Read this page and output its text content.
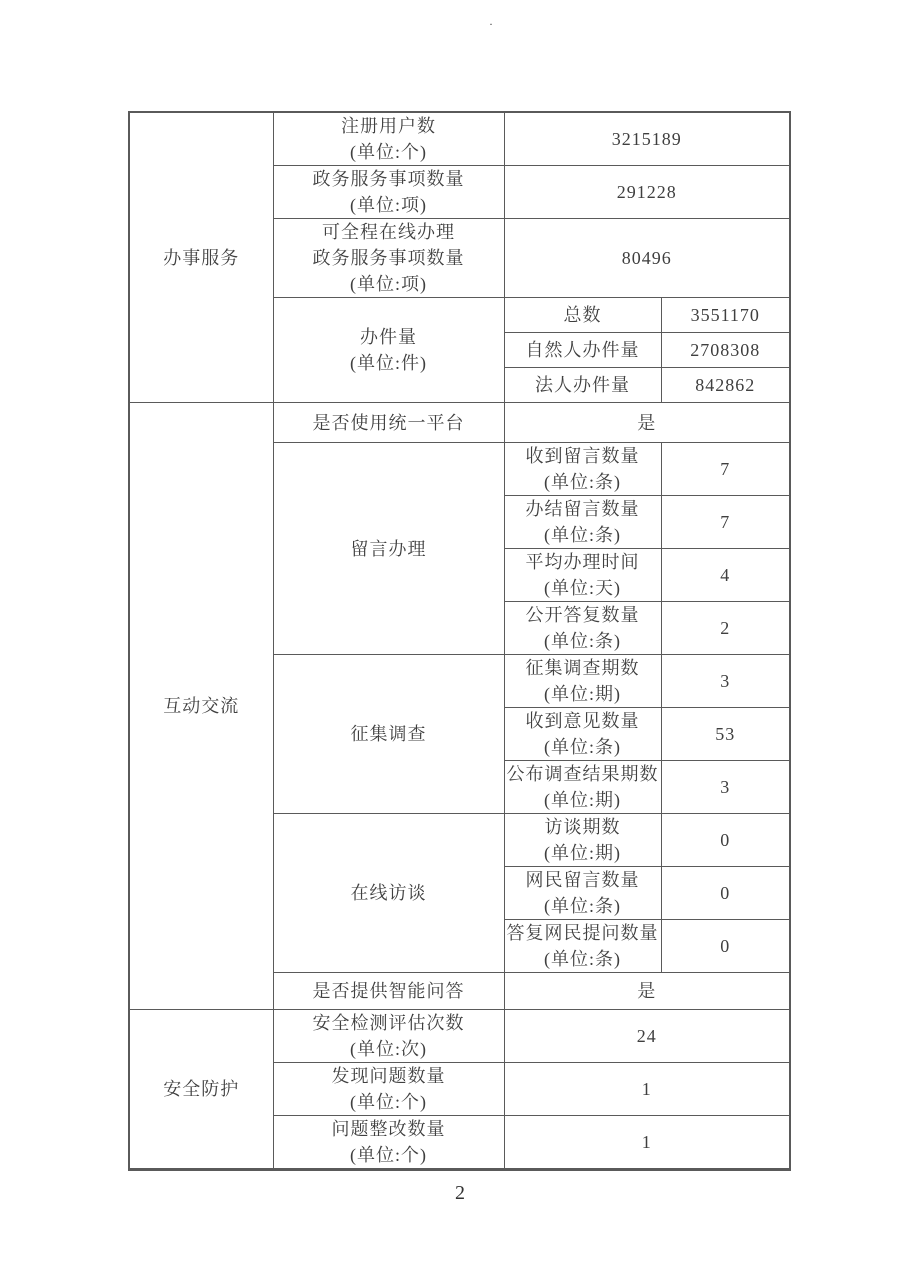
·
办事服务	注册用户数
(单位:个)	3215189	

	政务服务事项数量
(单位:项)	291228	

	可全程在线办理
政务服务事项数量
(单位:项)	80496	

	办件量
(单位:件)	总数	3551170
		自然人办件量	2708308
		法人办件量	842862
互动交流	是否使用统一平台	是	
	留言办理	收到留言数量
(单位:条)	7

		办结留言数量
(单位:条)	7

		平均办理时间
(单位:天)	4

		公开答复数量
(单位:条)	2
	征集调查	征集调查期数
(单位:期)	3

		收到意见数量
(单位:条)	53

		公布调查结果期数
(单位:期)	3
	在线访谈	访谈期数
(单位:期)	0

		网民留言数量
(单位:条)	0

		答复网民提问数量
(单位:条)	0
	是否提供智能问答	是	
安全防护	安全检测评估次数
(单位:次)	24	

	发现问题数量
(单位:个)	1	

	问题整改数量
(单位:个)	1	
2
